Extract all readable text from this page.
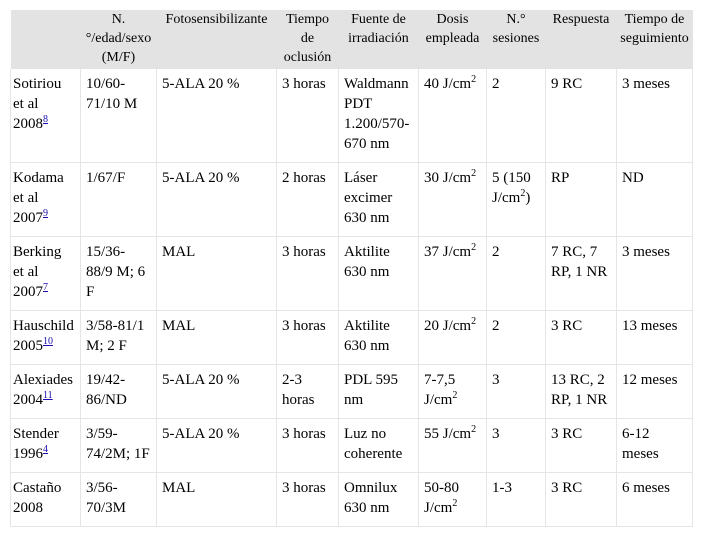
	N. °/edad/sexo (M/F)	Fotosensibilizante	Tiempo de oclusión	Fuente de irradiación	Dosis empleada	N.° sesiones	Respuesta	Tiempo de seguimiento
Sotiriou et al 2008$^8$	10/60-71/10 M	5-ALA 20 %	3 horas	Waldmann PDT 1.200/570-670 nm	40 $J/cm^2$	2	9 RC	3 meses
Kodama et al 2007$^9$	1/67/F	5-ALA 20 %	2 horas	Láser excimer 630 nm	30 $J/cm^2$	5 (150 $J/cm^2$)	RP	ND
Berking et al 2007$^7$	15/36-88/9 M; 6 F	MAL	3 horas	Aktilite 630 nm	37 $J/cm^2$	2	7 RC, 7 RP, 1 NR	3 meses
Hauschild 2005$^{10}$	3/58-81/1 M; 2 F	MAL	3 horas	Aktilite 630 nm	20 $J/cm^2$	2	3 RC	13 meses
Alexiades 2004$^{11}$	19/42-86/ND	5-ALA 20 %	2-3 horas	PDL 595 nm	7-7,5 $J/cm^2$	3	13 RC, 2 RP, 1 NR	12 meses
Stender 1996$^4$	3/59-74/2M; 1F	5-ALA 20 %	3 horas	Luz no coherente	55 $J/cm^2$	3	3 RC	6-12 meses
Castaño 2008	3/56-70/3M	MAL	3 horas	Omnilux 630 nm	50-80 $J/cm^2$	1-3	3 RC	6 meses
